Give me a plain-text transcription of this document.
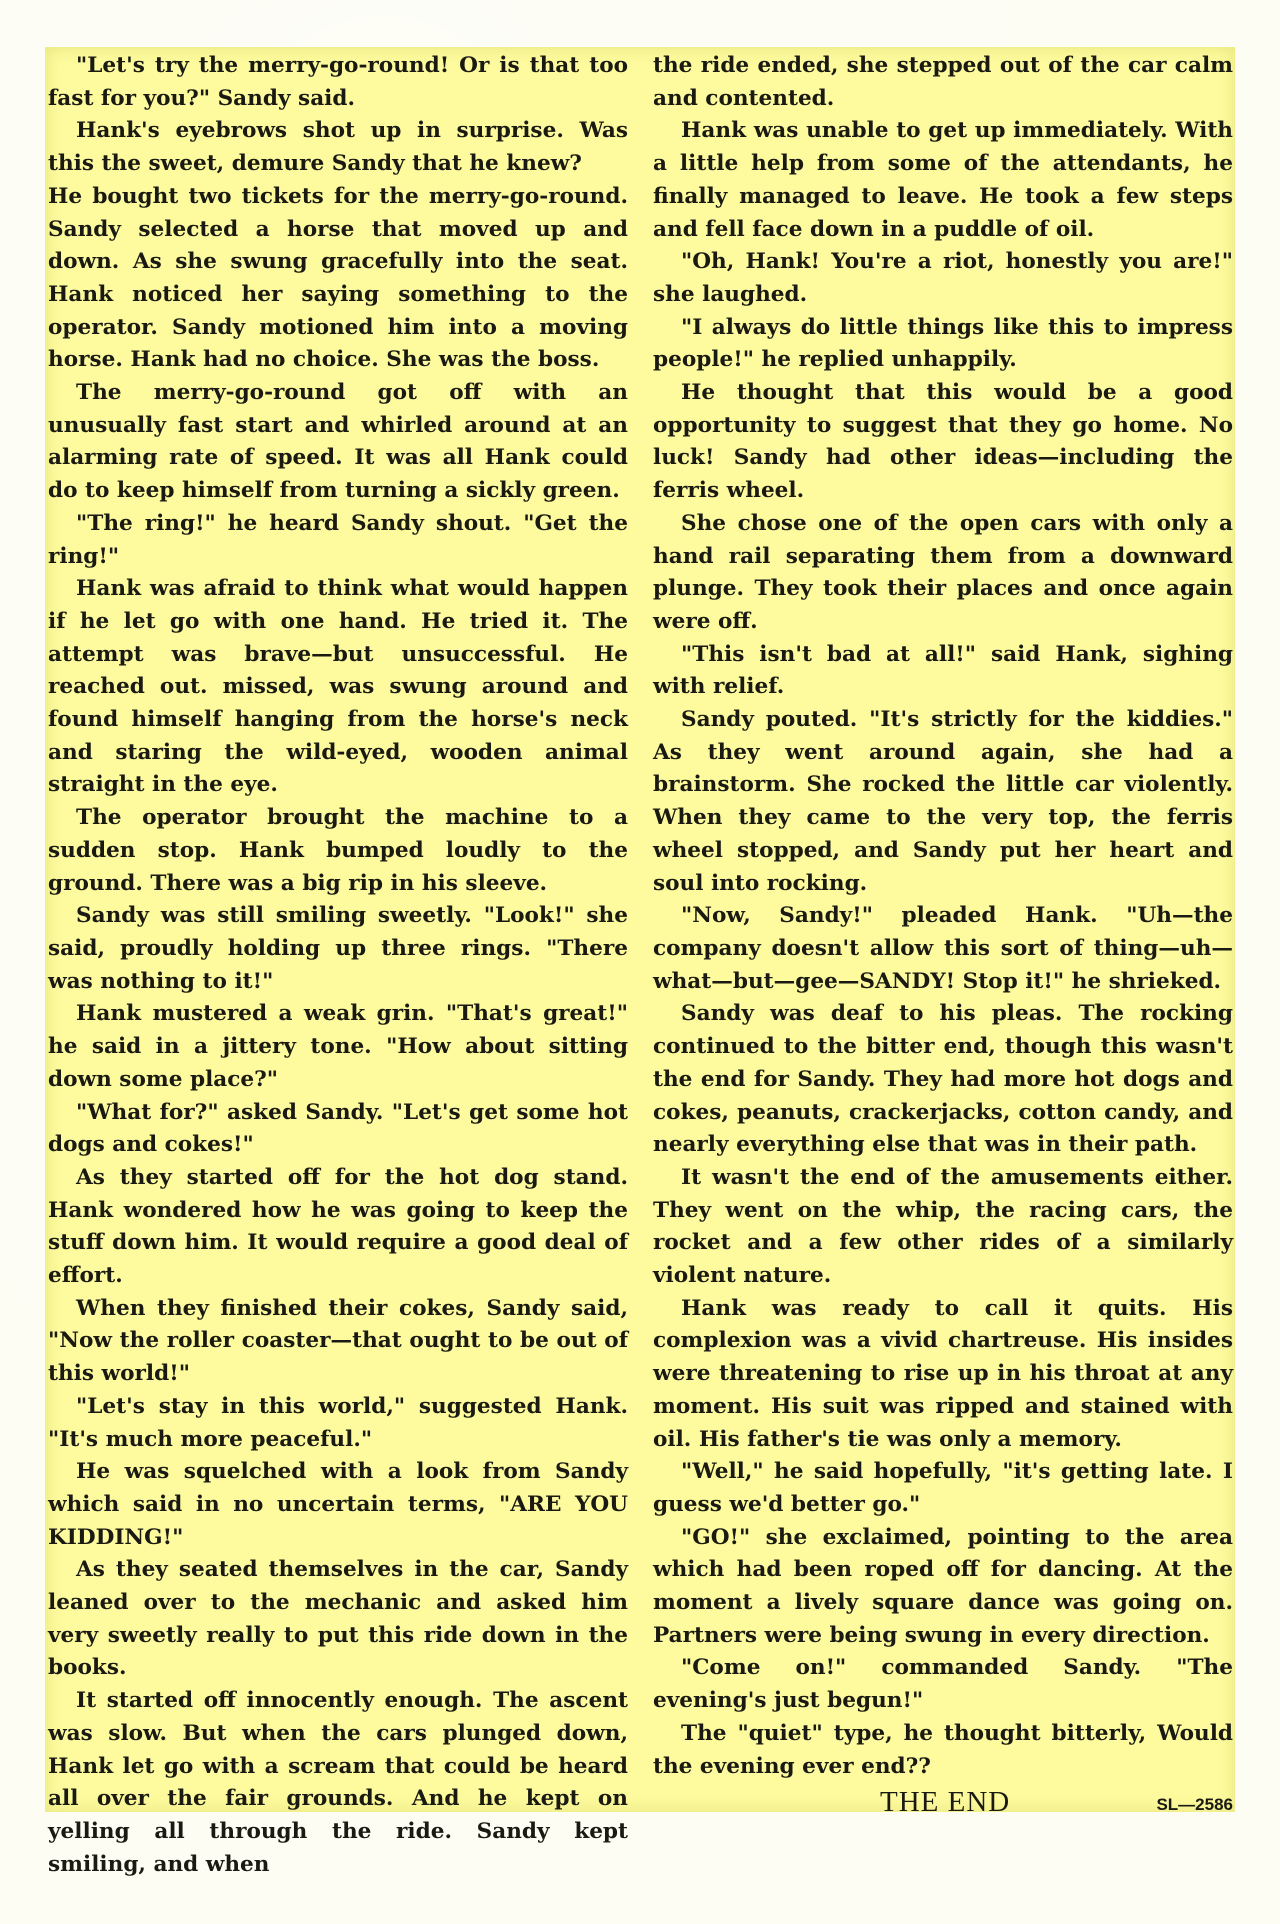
"Let's try the merry-go-round! Or is that too fast for you?" Sandy said.

Hank's eyebrows shot up in surprise. Was this the sweet, demure Sandy that he knew?

He bought two tickets for the merry-go-round. Sandy selected a horse that moved up and down. As she swung gracefully into the seat. Hank noticed her saying something to the operator. Sandy motioned him into a moving horse. Hank had no choice. She was the boss.

The merry-go-round got off with an unusually fast start and whirled around at an alarming rate of speed. It was all Hank could do to keep himself from turning a sickly green.

"The ring!" he heard Sandy shout. "Get the ring!"

Hank was afraid to think what would happen if he let go with one hand. He tried it. The attempt was brave—but unsuccessful. He reached out. missed, was swung around and found himself hanging from the horse's neck and staring the wild-eyed, wooden animal straight in the eye.

The operator brought the machine to a sudden stop. Hank bumped loudly to the ground. There was a big rip in his sleeve.

Sandy was still smiling sweetly. "Look!" she said, proudly holding up three rings. "There was nothing to it!"

Hank mustered a weak grin. "That's great!" he said in a jittery tone. "How about sitting down some place?"

"What for?" asked Sandy. "Let's get some hot dogs and cokes!"

As they started off for the hot dog stand. Hank wondered how he was going to keep the stuff down him. It would require a good deal of effort.

When they finished their cokes, Sandy said, "Now the roller coaster—that ought to be out of this world!"

"Let's stay in this world," suggested Hank. "It's much more peaceful."

He was squelched with a look from Sandy which said in no uncertain terms, "ARE YOU KIDDING!"

As they seated themselves in the car, Sandy leaned over to the mechanic and asked him very sweetly really to put this ride down in the books.

It started off innocently enough. The ascent was slow. But when the cars plunged down, Hank let go with a scream that could be heard all over the fair grounds. And he kept on yelling all through the ride. Sandy kept smiling, and when

the ride ended, she stepped out of the car calm and contented.

Hank was unable to get up immediately. With a little help from some of the attendants, he finally managed to leave. He took a few steps and fell face down in a puddle of oil.

"Oh, Hank! You're a riot, honestly you are!" she laughed.

"I always do little things like this to impress people!" he replied unhappily.

He thought that this would be a good opportunity to suggest that they go home. No luck! Sandy had other ideas—including the ferris wheel.

She chose one of the open cars with only a hand rail separating them from a downward plunge. They took their places and once again were off.

"This isn't bad at all!" said Hank, sighing with relief.

Sandy pouted. "It's strictly for the kiddies." As they went around again, she had a brainstorm. She rocked the little car violently. When they came to the very top, the ferris wheel stopped, and Sandy put her heart and soul into rocking.

"Now, Sandy!" pleaded Hank. "Uh—the company doesn't allow this sort of thing—uh—what—but—gee—SANDY! Stop it!" he shrieked.

Sandy was deaf to his pleas. The rocking continued to the bitter end, though this wasn't the end for Sandy. They had more hot dogs and cokes, peanuts, crackerjacks, cotton candy, and nearly everything else that was in their path.

It wasn't the end of the amusements either. They went on the whip, the racing cars, the rocket and a few other rides of a similarly violent nature.

Hank was ready to call it quits. His complexion was a vivid chartreuse. His insides were threatening to rise up in his throat at any moment. His suit was ripped and stained with oil. His father's tie was only a memory.

"Well," he said hopefully, "it's getting late. I guess we'd better go."

"GO!" she exclaimed, pointing to the area which had been roped off for dancing. At the moment a lively square dance was going on. Partners were being swung in every direction.

"Come on!" commanded Sandy. "The evening's just begun!"

The "quiet" type, he thought bitterly, Would the evening ever end??

THE END	SL—2586
